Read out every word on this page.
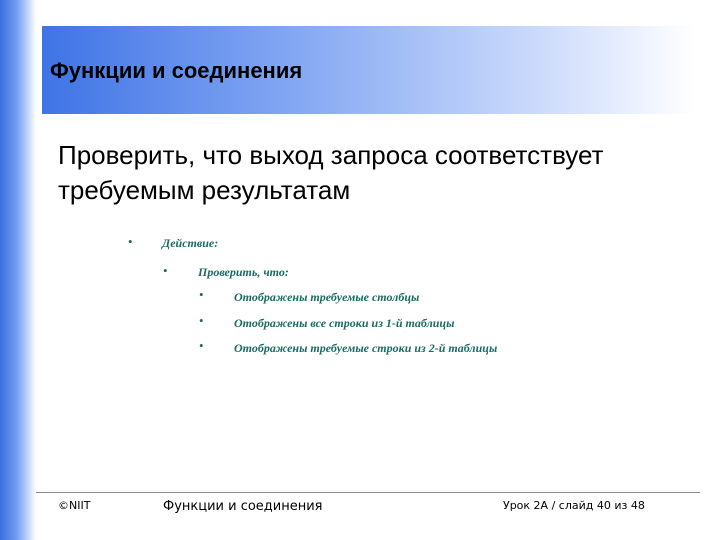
Функции и соединения
Проверить, что выход запроса соответствует требуемым результатам
• Действие:
•	Проверить, что:
•	Отображены требуемые столбцы
•	Отображены все строки из 1-й таблицы
•	Отображены требуемые строки из 2-й таблицы
©NIIT	Функции и соединения	Урок 2A / слайд 40 из 48
